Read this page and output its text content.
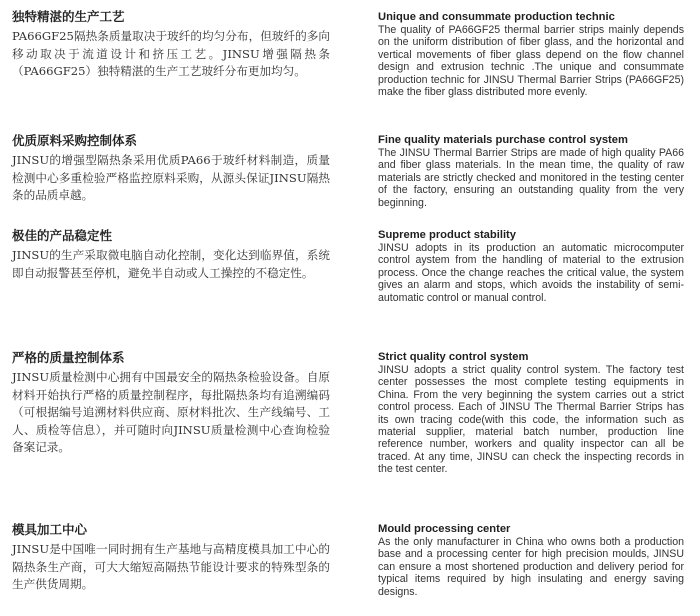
独特精湛的生产工艺

PA66GF25隔热条质量取决于玻纤的均匀分布，但玻纤的多向移动取决于流道设计和挤压工艺。JINSU增强隔热条（PA66GF25）独特精湛的生产工艺玻纤分布更加均匀。

优质原料采购控制体系

JINSU的增强型隔热条采用优质PA66于玻纤材料制造，质量检测中心多重检验严格监控原料采购，从源头保证JINSU隔热条的品质卓越。

极佳的产品稳定性

JINSU的生产采取微电脑自动化控制，变化达到临界值，系统即自动报警甚至停机，避免半自动或人工操控的不稳定性。

严格的质量控制体系

JINSU质量检测中心拥有中国最安全的隔热条检验设备。自原材料开始执行严格的质量控制程序，每批隔热条均有追溯编码（可根据编号追溯材料供应商、原材料批次、生产线编号、工人、质检等信息），并可随时向JINSU质量检测中心查询检验备案记录。

模具加工中心

JINSU是中国唯一同时拥有生产基地与高精度模具加工中心的隔热条生产商，可大大缩短高隔热节能设计要求的特殊型条的生产供货周期。

Unique and consummate production technic

The quality of PA66GF25 thermal barrier strips mainly depends on the uniform distribution of fiber glass, and the horizontal and vertical movements of fiber glass depend on the flow channel design and extrusion technic .The unique and consummate production technic for JINSU Thermal Barrier Strips (PA66GF25) make the fiber glass distributed more evenly.

Fine quality materials purchase control system

The JINSU Thermal Barrier Strips are made of high quality PA66 and fiber glass materials. In the mean time, the quality of raw materials are strictly checked and monitored in the testing center of the factory, ensuring an outstanding quality from the very beginning.

Supreme product stability

JINSU adopts in its production an automatic microcomputer control aystem from the handling of material to the extrusion process. Once the change reaches the critical value, the system gives an alarm and stops, which avoids the instability of semi-automatic control or manual control.

Strict quality control system

JINSU adopts a strict quality control system. The factory test center possesses the most complete testing equipments in China. From the very beginning the system carries out a strict control process. Each of JINSU The Thermal Barrier Strips has its own tracing code(with this code, the information such as material supplier, material batch number, production line reference number, workers and quality inspector can all be traced. At any time, JINSU can check the inspecting records in the test center.

Mould processing center

As the only manufacturer in China who owns both a production base and a processing center for high precision moulds, JINSU can ensure a most shortened production and delivery period for typical items required by high insulating and energy saving designs.
